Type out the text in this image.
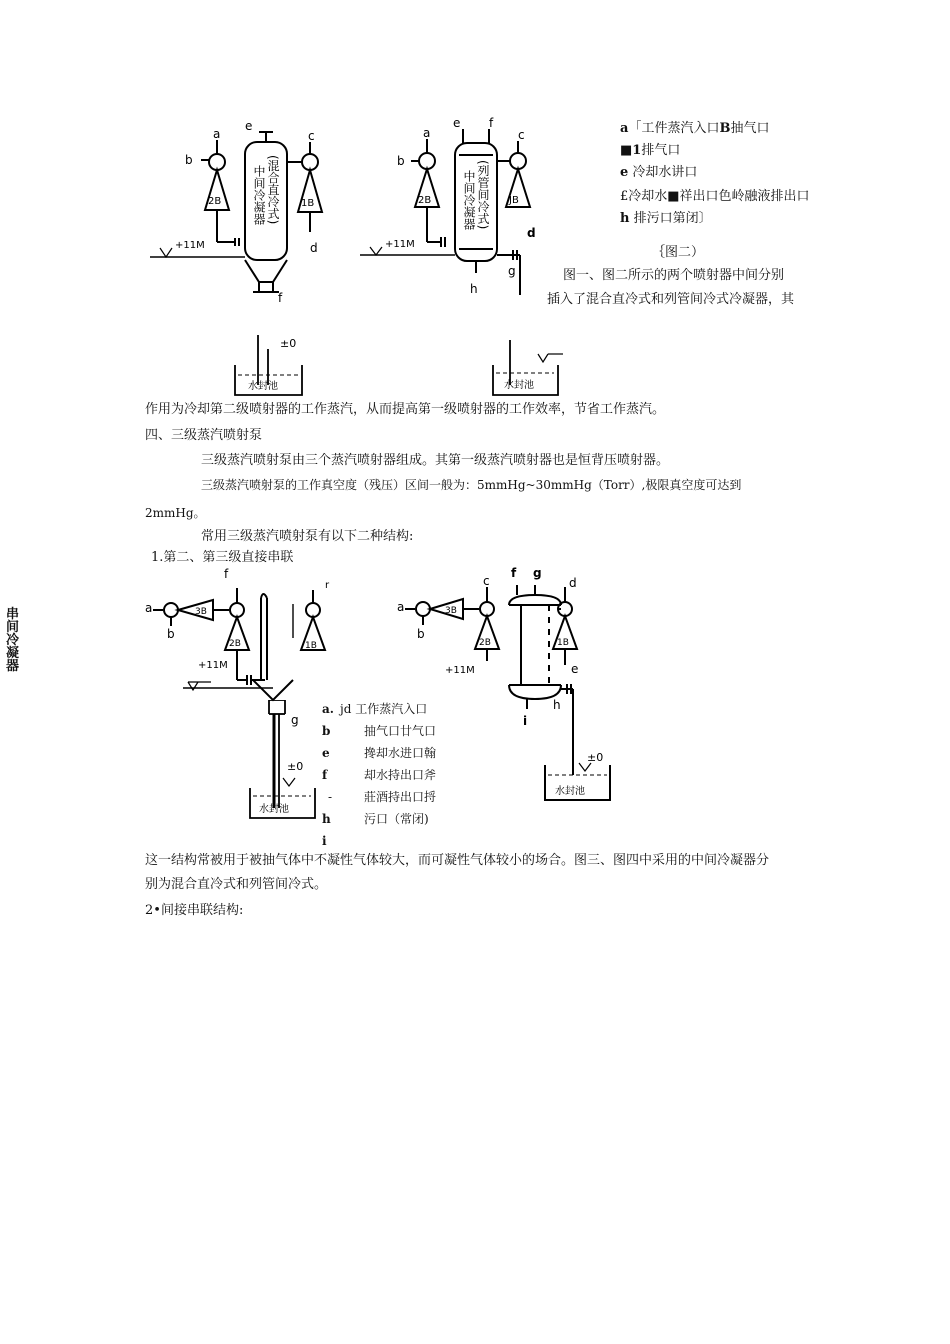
a
b
e
c
d
f
2B	1B
+11M
中间冷凝器 (混合直冷式)
±0
水封池
a
b
e f
c
d
g
h
2B	JB
+11M
中间冷凝器 (列管间冷式)
水封池
a「工件蒸汽入口B抽气口
■1排气口
e 冷却水讲口
£冷却水■祥出口色岭融液排出口
h 排污口第闭〕
｛图二）
图一、图二所示的两个喷射器中间分别
插入了混合直冷式和列管间冷式冷凝器，其
作用为冷却第二级喷射器的工作蒸汽，从而提高第一级喷射器的工作效率，节省工作蒸汽。
四、三级蒸汽喷射泵
三级蒸汽喷射泵由三个蒸汽喷射器组成。其第一级蒸汽喷射器也是恒背压喷射器。
三级蒸汽喷射泵的工作真空度（残压）区间一般为：5mmHg~30mmHg（Torr）,极限真空度可达到
2mmHg。
常用三级蒸汽喷射泵有以下二种结构:
1.第二、第三级直接串联
a
b
f
r
3B
2B	1B
+11M
g
±0
水封池
a. jd 工作蒸汽入口
b	抽气口廿气口
e	搀却水进口翰
f	却水持出口斧
-	莊酒持出口捋
h	污口（常闭)
i
a
b
c
f g
d
e
h
i
3B
2B	1B
+11M
±0
水封池
串间冷凝器
这一结构常被用于被抽气体中不凝性气体较大，而可凝性气体较小的场合。图三、图四中采用的中间冷凝器分
别为混合直冷式和列管间冷式。
2•间接串联结构:
